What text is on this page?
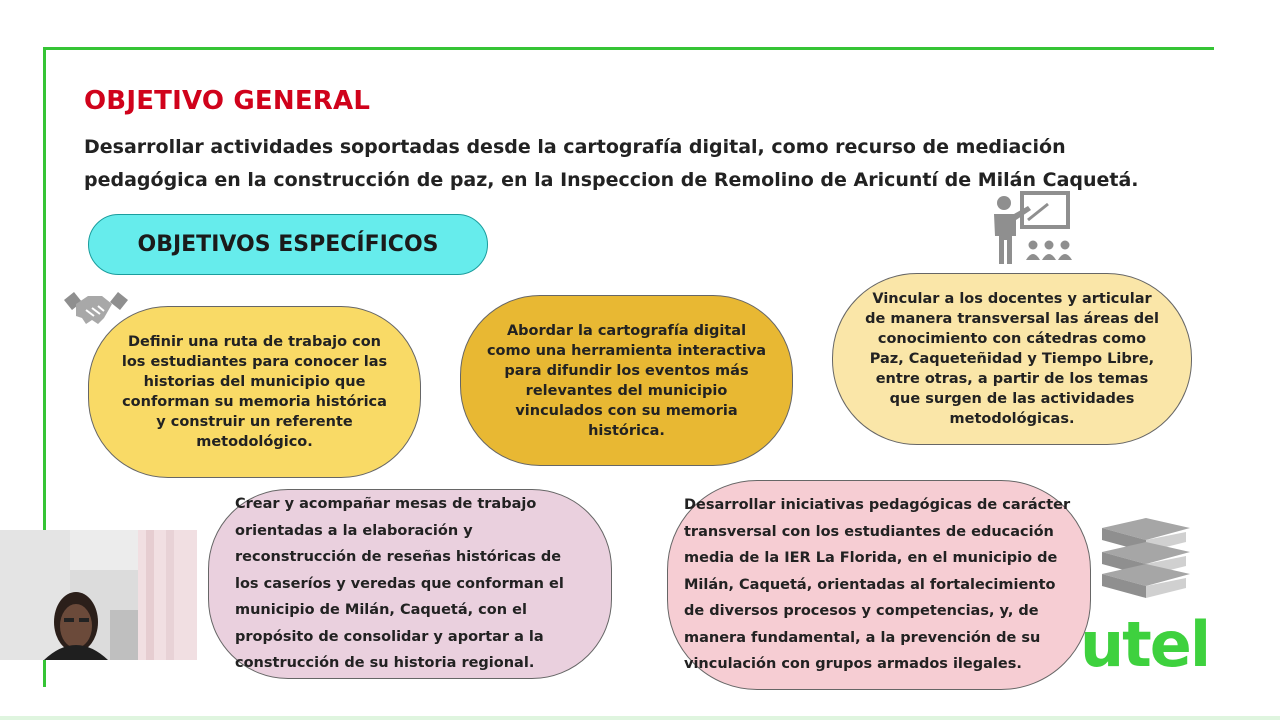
OBJETIVO GENERAL
Desarrollar actividades soportadas desde la cartografía digital, como recurso de mediación pedagógica en la construcción de paz, en la Inspeccion de Remolino de Aricuntí de Milán Caquetá.
OBJETIVOS ESPECÍFICOS
Definir una ruta de trabajo con los estudiantes para conocer las historias del municipio que conforman su memoria histórica y construir un referente metodológico.
Abordar la cartografía digital como una herramienta interactiva para difundir los eventos más relevantes del municipio vinculados con su memoria histórica.
Vincular a los docentes y articular de manera transversal las áreas del conocimiento con cátedras como Paz, Caqueteñidad y Tiempo Libre, entre otras, a partir de los temas que surgen de las actividades metodológicas.
Crear y acompañar mesas de trabajo orientadas a la elaboración y reconstrucción de reseñas históricas de los caseríos y veredas que conforman el municipio de Milán, Caquetá, con el propósito de consolidar y aportar a la construcción de su historia regional.
Desarrollar iniciativas pedagógicas de carácter transversal con los estudiantes de educación media de la IER La Florida, en el municipio de Milán, Caquetá, orientadas al fortalecimiento de diversos procesos y competencias, y, de manera fundamental, a la prevención de su vinculación con grupos armados ilegales. utel
